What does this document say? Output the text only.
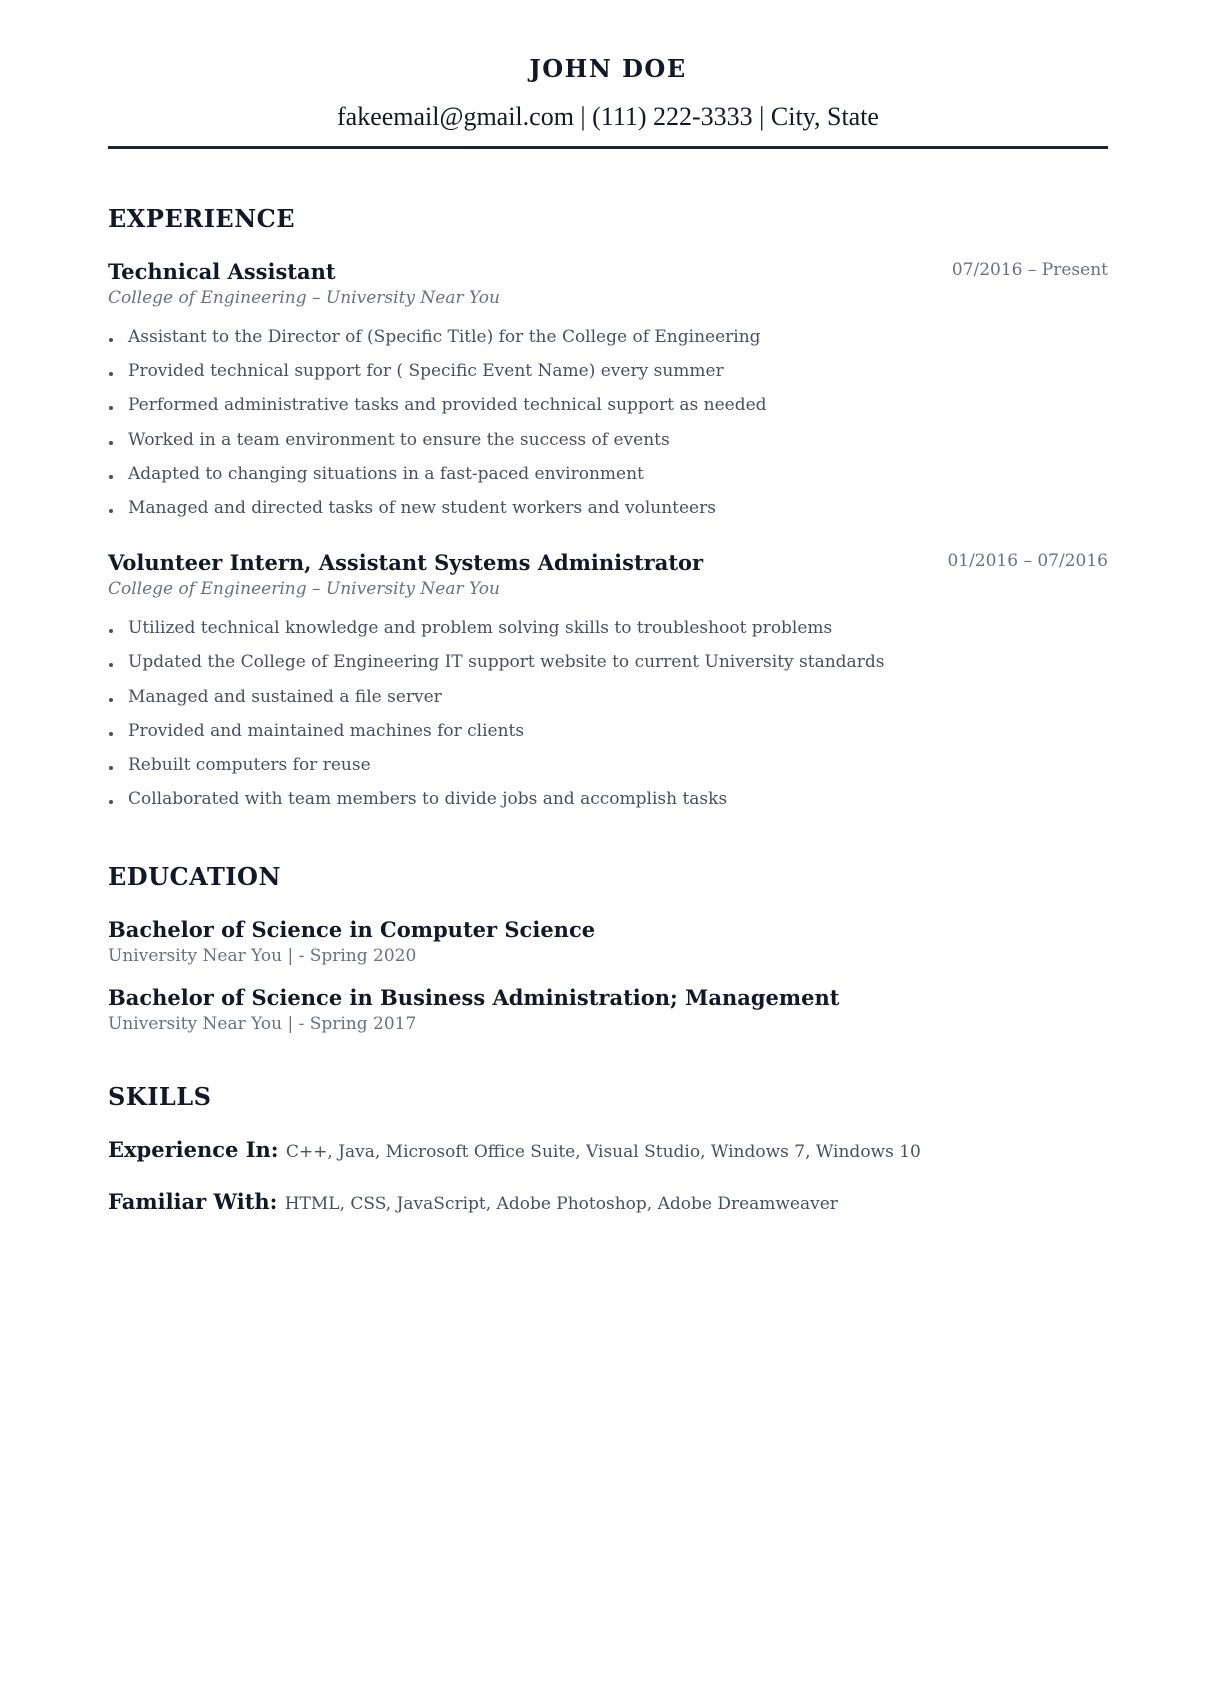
JOHN DOE
fakeemail@gmail.com | (111) 222-3333 | City, State
EXPERIENCE
Technical Assistant	07/2016 – Present
College of Engineering – University Near You
Assistant to the Director of (Specific Title) for the College of Engineering
Provided technical support for ( Specific Event Name) every summer
Performed administrative tasks and provided technical support as needed
Worked in a team environment to ensure the success of events
Adapted to changing situations in a fast-paced environment
Managed and directed tasks of new student workers and volunteers
Volunteer Intern, Assistant Systems Administrator	01/2016 – 07/2016
College of Engineering – University Near You
Utilized technical knowledge and problem solving skills to troubleshoot problems
Updated the College of Engineering IT support website to current University standards
Managed and sustained a file server
Provided and maintained machines for clients
Rebuilt computers for reuse
Collaborated with team members to divide jobs and accomplish tasks
EDUCATION
Bachelor of Science in Computer Science
University Near You | - Spring 2020
Bachelor of Science in Business Administration; Management
University Near You | - Spring 2017
SKILLS
Experience In: C++, Java, Microsoft Office Suite, Visual Studio, Windows 7, Windows 10
Familiar With: HTML, CSS, JavaScript, Adobe Photoshop, Adobe Dreamweaver
